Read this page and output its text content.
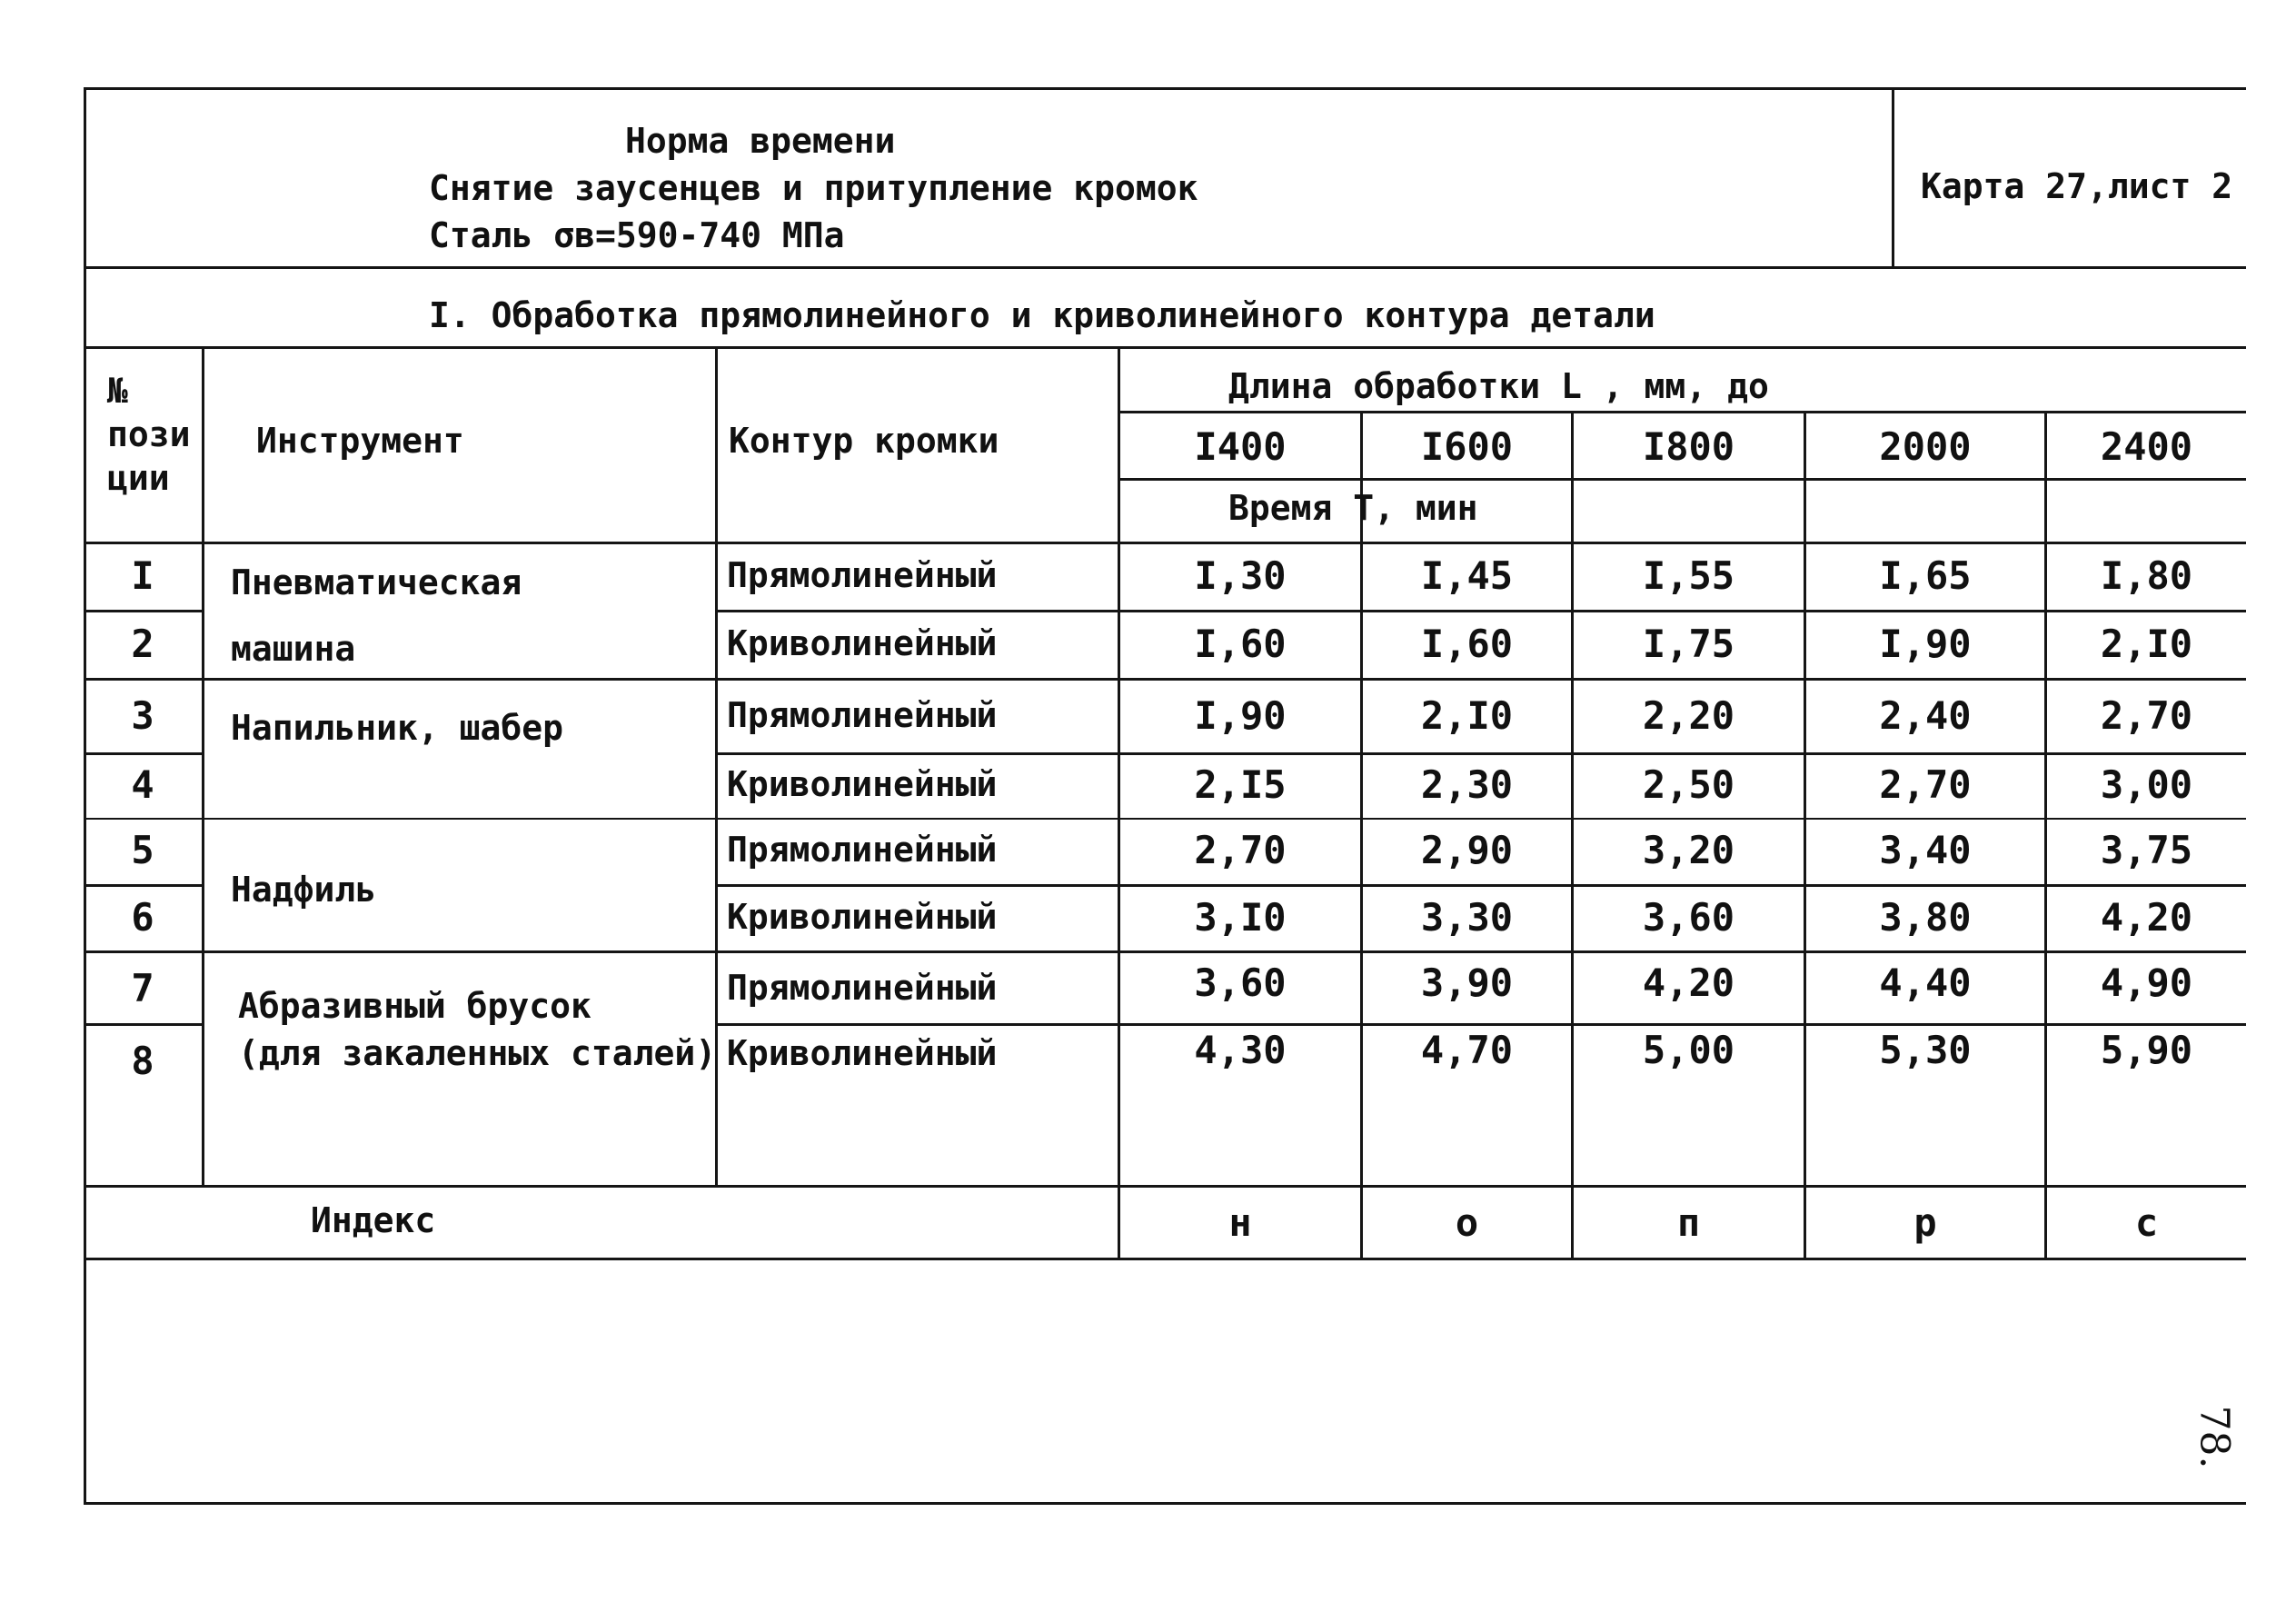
Норма времени
Снятие заусенцев и притупление кромок
Сталь σв=590-740 МПа
Карта 27,лист 2
I. Обработка прямолинейного и криволинейного контура детали
№ пози ции
Инструмент	Контур кромки
Длина обработки L , мм, до
I400	I600	I800	2000	2400
Время Т, мин
I	Прямолинейный	I,30	I,45	I,55	I,65	I,80
2	Криволинейный	I,60	I,60	I,75	I,90	2,I0
Пневматическая
машина
3	Прямолинейный	I,90	2,I0	2,20	2,40	2,70
4	Криволинейный	2,I5	2,30	2,50	2,70	3,00
Напильник, шабер
5	Прямолинейный	2,70	2,90	3,20	3,40	3,75
6	Криволинейный	3,I0	3,30	3,60	3,80	4,20
Надфиль
7	Прямолинейный	3,60	3,90	4,20	4,40	4,90
8	Криволинейный	4,30	4,70	5,00	5,30	5,90
Абразивный брусок
(для закаленных сталей)
Индекс	н	о	п	р	с
78.
